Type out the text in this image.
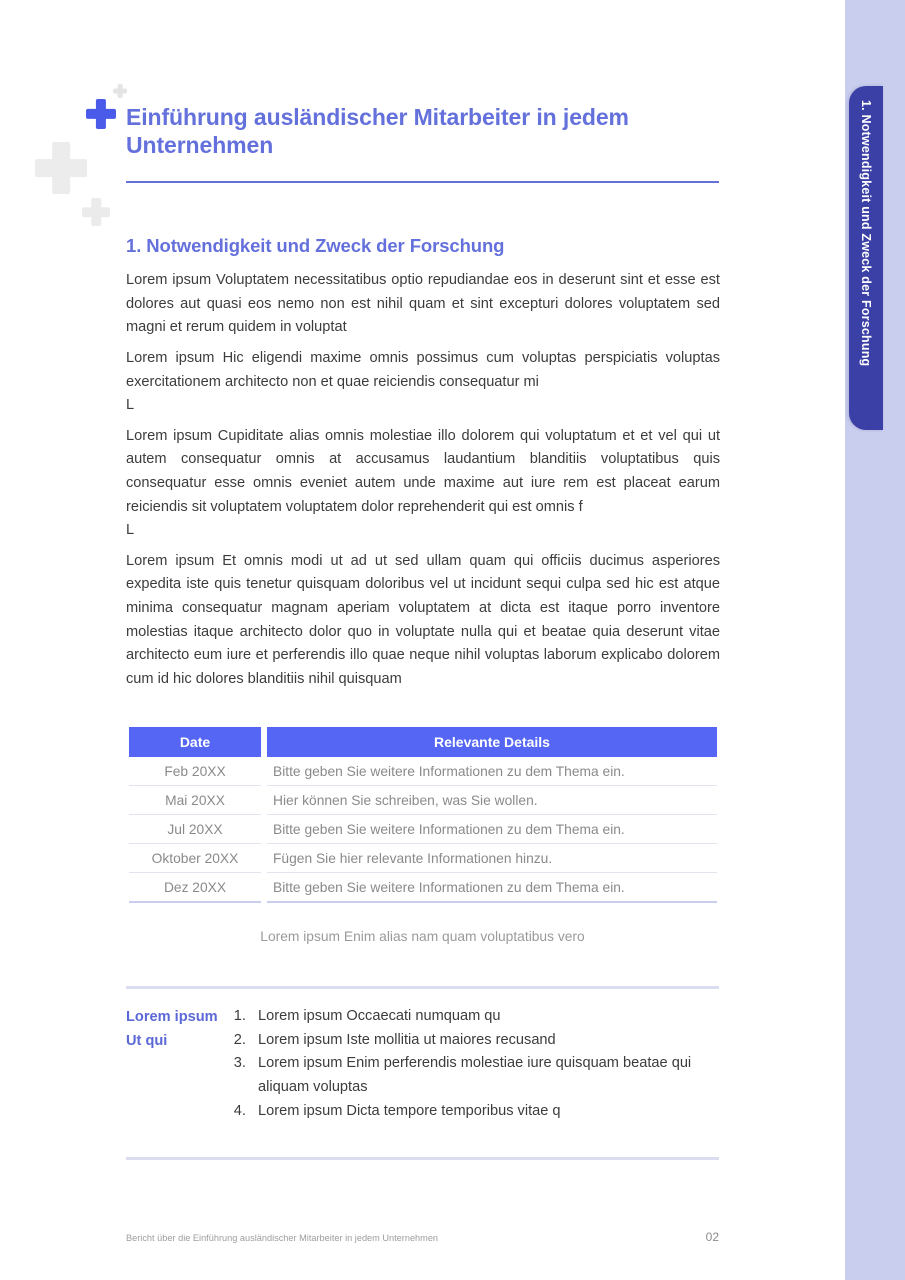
1. Notwendigkeit und Zweck der Forschung
Einführung ausländischer Mitarbeiter in jedem Unternehmen
1. Notwendigkeit und Zweck der Forschung

Lorem ipsum Voluptatem necessitatibus optio repudiandae eos in deserunt sint et esse est dolores aut quasi eos nemo non est nihil quam et sint excepturi dolores voluptatem sed magni et rerum quidem in voluptat

Lorem ipsum Hic eligendi maxime omnis possimus cum voluptas perspiciatis voluptas exercitationem architecto non et quae reiciendis consequatur mi
L

Lorem ipsum Cupiditate alias omnis molestiae illo dolorem qui voluptatum et et vel qui ut autem consequatur omnis at accusamus laudantium blanditiis voluptatibus quis consequatur esse omnis eveniet autem unde maxime aut iure rem est placeat earum reiciendis sit voluptatem voluptatem dolor reprehenderit qui est omnis f
L

Lorem ipsum Et omnis modi ut ad ut sed ullam quam qui officiis ducimus asperiores expedita iste quis tenetur quisquam doloribus vel ut incidunt sequi culpa sed hic est atque minima consequatur magnam aperiam voluptatem at dicta est itaque porro inventore molestias itaque architecto dolor quo in voluptate nulla qui et beatae quia deserunt vitae architecto eum iure et perferendis illo quae neque nihil voluptas laborum explicabo dolorem cum id hic dolores blanditiis nihil quisquam

Date	Relevante Details
Feb 20XX	Bitte geben Sie weitere Informationen zu dem Thema ein.
Mai 20XX	Hier können Sie schreiben, was Sie wollen.
Jul 20XX	Bitte geben Sie weitere Informationen zu dem Thema ein.
Oktober 20XX	Fügen Sie hier relevante Informationen hinzu.
Dez 20XX	Bitte geben Sie weitere Informationen zu dem Thema ein.

Lorem ipsum Enim alias nam quam voluptatibus vero

Lorem ipsum
Ut qui
1. Lorem ipsum Occaecati numquam qu
2. Lorem ipsum Iste mollitia ut maiores recusand
3. Lorem ipsum Enim perferendis molestiae iure quisquam beatae qui aliquam voluptas
4. Lorem ipsum Dicta tempore temporibus vitae q
Bericht über die Einführung ausländischer Mitarbeiter in jedem Unternehmen	02
